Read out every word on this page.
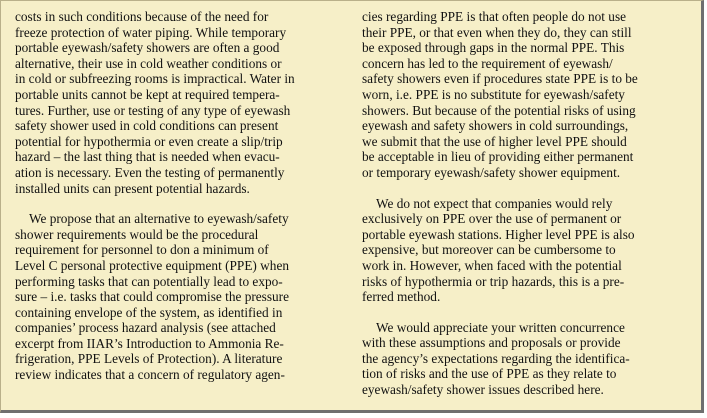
costs in such conditions because of the need for
freeze protection of water piping. While temporary
portable eyewash/safety showers are often a good
alternative, their use in cold weather conditions or
in cold or subfreezing rooms is impractical. Water in
portable units cannot be kept at required tempera-
tures. Further, use or testing of any type of eyewash
safety shower used in cold conditions can present
potential for hypothermia or even create a slip/trip
hazard – the last thing that is needed when evacu-
ation is necessary. Even the testing of permanently
installed units can present potential hazards.
We propose that an alternative to eyewash/safety
shower requirements would be the procedural
requirement for personnel to don a minimum of
Level C personal protective equipment (PPE) when
performing tasks that can potentially lead to expo-
sure – i.e. tasks that could compromise the pressure
containing envelope of the system, as identified in
companies’ process hazard analysis (see attached
excerpt from IIAR’s Introduction to Ammonia Re-
frigeration, PPE Levels of Protection). A literature
review indicates that a concern of regulatory agen-
cies regarding PPE is that often people do not use
their PPE, or that even when they do, they can still
be exposed through gaps in the normal PPE. This
concern has led to the requirement of eyewash/
safety showers even if procedures state PPE is to be
worn, i.e. PPE is no substitute for eyewash/safety
showers. But because of the potential risks of using
eyewash and safety showers in cold surroundings,
we submit that the use of higher level PPE should
be acceptable in lieu of providing either permanent
or temporary eyewash/safety shower equipment.
We do not expect that companies would rely
exclusively on PPE over the use of permanent or
portable eyewash stations. Higher level PPE is also
expensive, but moreover can be cumbersome to
work in. However, when faced with the potential
risks of hypothermia or trip hazards, this is a pre-
ferred method.
We would appreciate your written concurrence
with these assumptions and proposals or provide
the agency’s expectations regarding the identifica-
tion of risks and the use of PPE as they relate to
eyewash/safety shower issues described here.
